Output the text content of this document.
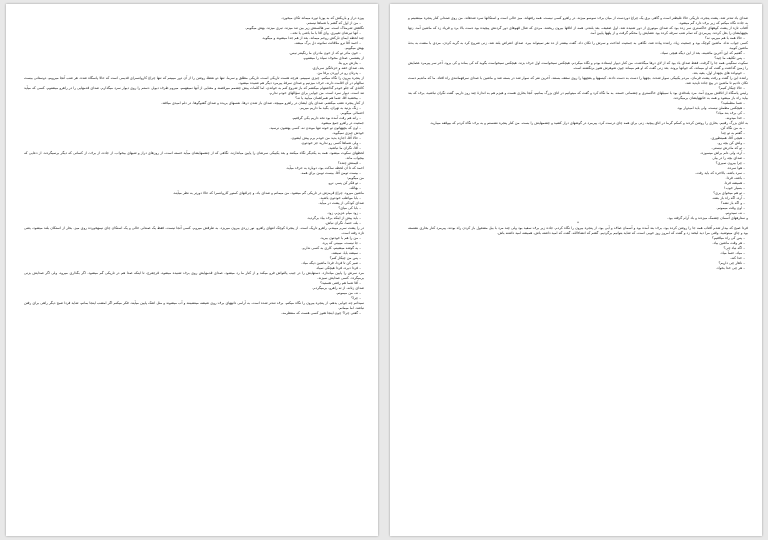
پوزه دراز و باریکش که به پوزهٔ توره میماند تکان میخورد.

– من از اول که گفتم با شماها نیستم.

نگاهش شرمناک است. سر هالستش زیر بین تند میزند. تبری میزند. بهش میگویم.

– آنها تیرشان تغییری. وای آقا با ما باشی یا نخه..

چند لحظه ایمان نارکش روحم میماند. بعد از هم جدا میشوند و میگوید.

– احمد آقا نرو ملاقاتت نماتونه دل برگ میشه.

بهش میگویم.

– خون مادر تو که از خون مادران ما رنگینتر نیس.

از پشتسر، صدای مخوف سپاه را میشنوم.

– بتازش برو بتا.

بعد، صدای خفه و حزنانگیز سربازی.

– پدرتان رو در آوردن برفا من.

از پنجره بیرون را نگاه میکنم. چیزی نمیبینم. هرچه هست تاریکی است، تاریکی مطلق و سرما. تنها دو نقطهٔ روشن را از آن دور میبینم که تنها چراغ کاروانسرای قدیمی است که حالا پاسگاه شده. هر شب آنجا میرویم، دوستانی بیست سالهام در آن اقامت دارند، حرف میزنیم و صدای سرفهٔ پیرمرد دیگر هم شنیده میشود.

کاغذی که جلو خودم گذاشتهام میکشم که باز شروع کنم به خواندن، اما کلمات پیش چشمم میرقصند و معنایی از آنها نمیفهمم. میروم طرف دیوار. دستم را روی دیوار سرد میگذارم. صدای قدمهایی را در راهرو میشنوم. کسی که میآید تند است. دیوار سرد است. من جوابی برای سؤالهای خودم ندارم.

– ببخشید آقا، شما هم همراهمان میآیید یا نه؟

از کنار پنجره عقب میکشم. صدای پای ایشان در راهرو میپیچد، صدای باز شدن درها، نفسهای بریده و صدای گفتوگوها. در دلم امیدی میافتد.

– زنگ بزنید به تهران، بگید ما داریم میریم.

احتمالی میگویم.

– رانه هم رفت آمده بود نخه داریم یکی گرفتیم.

جمعیت در راهرو جمع میشود.

– اون که بچههاتون تو خونه تنها موندن نه، کسی بهشون نرسید.

خودش چیزی نمیگوید.

– حالا آقا، اجازه بدید من خودم برم پیش ایشون.

– ولی شماها کسی رو ندارید جز خودتون.

– آقا، نگران ما نباشید.

لحظهای سکوت میشود. همه به یکدیگر نگاه میکنند و بعد یکییکی سرشان را پایین میاندازند. نگاهی که از چشمهایشان میآید خسته است، از روزهای دراز و شبهای بیخواب. از جاده، از برف، از کسانی که دیگر برنمیگردند. از دعایی که بیجواب ماند.

– قیمتش چنده؟

احمد که تا آن لحظه ساکت بود، دوباره به حرف میآید.

– بیست تومن آقا. بیست تومن برای همه.

من میگویم:

– تو فکر کن پسر، نرو.

– بهالله.

ماشین میرود. چراغ قرمزش در تاریکی گم میشود. من میمانم و صدای باد، و چراغهای کمنور کاروانسرا که حالا دورتر به نظر میآیند.

– بابا مواظب خودتون باشید.

صدای کودکی از پشت در میآید.

– بابا کی میای؟

– زود میام عزیزم، زود.

– باید پیش از اینکه برف بیاد برگردید.

– بله، حتماً. نگران نباش.

در را پشت سرم میبندم. راهرو تاریک است. از پنجرهٔ کوچک انتهای راهرو، نور زردی بیرون میریزد. به طرفش میروم. کسی آنجا نیست. فقط یک صندلی خالی و یک استکان چای نیمهخورده روی میز. بخار از استکان بلند میشود، یعنی تازه رفته است.

– من را هم با خودتون ببرید.

– جا نیست، میبینی که پره.

– یه گوشه میشینم، کاری به کسی ندارم.

– نمیشه بابا، نمیشه.

– پس من چیکار کنم؟

– صبر کن تا فردا، فردا ماشین دیگه میاد.

– فردا دیره، فردا هیچکی نمیاد.

مرد سرش را پایین میاندازد. دستهایش را در جیب پالتواش فرو میکند و از کنار ما رد میشود. صدای قدمهایش روی برف شنیده میشود، قرچقرچ، تا اینکه صدا هم در تاریکی گم میشود. اگر بگذاری میرود، ولی اگر صدایش بزنی برمیگردد. کسی صدایش نمیزند.

– آقا شما هم رفتنی هستید؟

صدای زنانه، از ته راهرو. برمیگردم.

– نه، من میمونم.

– چرا؟

نمیدانم چه جوابی بدهم. از پنجره بیرون را نگاه میکنم. برف تندتر شده است. به آرامی دانههای برف روی شیشه مینشینند و آب میشوند و مثل اشک پایین میآیند. فکر میکنم اگر امشب اینجا بمانم، شاید فردا صبح دیگر راهی برای رفتن نباشد. اما میمانم.

– گفتی چرا؟ چون اینجا هنوز کسی هست که منتظرمه.

صدای باد تندتر شد. پشت پنجره، تاریکی حالا غلیظتر است و گاهی برق یک چراغ دوردست از میان برف سوسو میزند. در راهرو کسی نیست. همه رفتهاند. میز خالی است و استکانها سرد شدهاند. من روی صندلی کنار پنجره مینشینم و به جاده نگاه میکنم که زیر برف دارد گم میشود.

آفتاب تازه از پشت کوههای خاکستری سر زده بود که صدای موتوری از دور شنیده شد. اول ضعیف، بعد بلندتر. همه از اتاقها بیرون ریختند. مردی که شال قهوهای دور گردنش پیچیده بود دست بالا برد و فریاد زد که ماشین آمد. زنها بچههایشان را بغل کردند. پیرمردی که تمام شب سرفه کرده بود عصایش را محکم گرفت و از پلهها پایین آمد.

– حالا همه با هم میریم، نه؟

کسی جواب نداد. ماشین کوچک بود و جمعیت زیاد. راننده پیاده شد، نگاهی به جمعیت انداخت و سرش را تکان داد. گفت بیشتر از ده نفر نمیتواند ببرد. صدای اعتراض بلند شد. زنی شروع کرد به گریه کردن. مردی با مشت به بدنهٔ ماشین کوبید.

– گفتیم که این آخرین ماشینه، بعد از این دیگه هیچی نمیاد.

– پس تکلیف ما چیه؟

سکوت سنگینی همه جا را گرفت. فقط صدای باد بود که از لای درها میگذشت. من کنار دیوار ایستاده بودم و نگاه میکردم. هیچکس نمیخواست اول حرف بزند. هیچکس نمیخواست بگوید که کی بماند و کی برود. آخر سر پیرمرد عصایش را زمین گذاشت و گفت که او میماند، که جوانها بروند. بعد زنی گفت که او هم میماند چون شوهرش هنوز برنگشته است.

– خونواده های بچهدار اول، بقیه بعد.

راننده این را گفت و رفت پشت فرمان. مردم یکییکی سوار شدند. بچهها را دست به دست دادند. کیسهها و بقچهها را روی سقف بستند. آخرین نفر که سوار شد در بسته شد و ماشین با صدای سرفهمانندی راه افتاد. ما که ماندیم دست تکان دادیم تا ماشین در پیچ جاده ناپدید شد.

– حالا چیکار کنیم؟

رئیس پاسگاه از اتاقش بیرون آمد. مرد بلندقدی بود با سبیلهای خاکستری و چشمانی خسته. به ما نگاه کرد و گفت که میتوانیم در اتاق بزرگ بمانیم، آنجا بخاری هست و هیزم هم به اندازهٔ چند روز داریم. گفت نگران نباشید، برف که بند بیاید راه باز میشود و همه به خانههایشان برمیگردند.

– شما مطمئنید؟

– هیچکس مطمئن نیست، ولی باید امیدوار بود.

– کی برف بند میاد؟

– خدا میدونه.

به اتاق بزرگ رفتیم. بخاری را روشن کردند و کمکم گرما در اتاق پیچید. زنی برای همه چای درست کرد. پیرمرد در گوشهای دراز کشید و چشمهایش را بست. من کنار پنجره نشستم و به برف نگاه کردم که بیوقفه میبارید.

– به من نگاه کن.

– گفتم به تو چه!

– هیچی آقا، همینطوری.

– ولش کن بچه رو.

– تو که مادرش نیستی.

– آره، ولی دلم براش میسوزه.

– صدای بچه را در بیار.

– چرا بیرون نمیری؟

– هوا سرده.

– سرد باشه، بالاخره که باید رفت.

– باشه، فردا.

– همیشه فردا.

– بسیار خوب!

– تو هم میخوای بری؟

– آره، اگه راه باز بشه.

– و اگه باز نشه؟

– اون وقت میمونم.

– نه، نمیدونم.

و ستارههای آسمان چشمک میزدند و باد آرام گرفته بود.

*

فردا صبح که بیدار شدم آفتاب همه جا را روشن کرده بود. برف بند آمده بود و آسمان صاف و آبی بود. از پنجره بیرون را نگاه کردم. جاده زیر برف سفید بود ولی چند مرد با بیل مشغول باز کردن راه بودند. پیرمرد کنار بخاری نشسته بود و چای مینوشید. وقتی مرا دید لبخند زد و گفت که امروز روز خوبی است، که شاید بتوانیم برگردیم. گفتم که انشاءالله. گفت که امید داشته باش، همیشه امید داشته باش.

– پس کی راه میافتیم؟

– هر وقت ماشین بیاد.

– اگه نیاد چی؟

– میاد، حتماً میاد.

– خدا کنه.

– ناهار چی داریم؟

– هر چی خدا بخواد.
